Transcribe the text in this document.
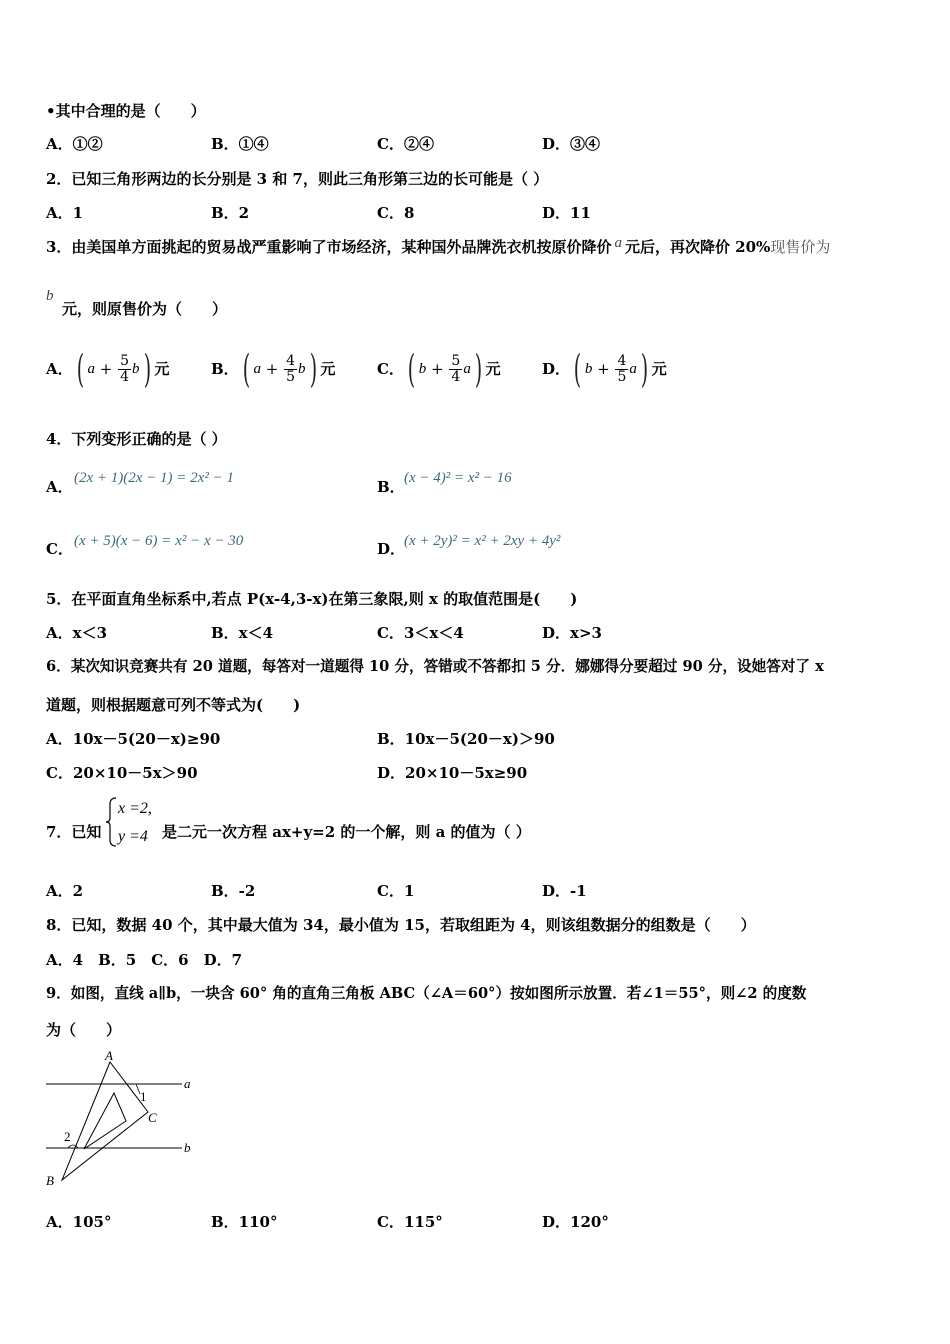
•其中合理的是（　　）
A．①②	B．①④	C．②④	D．③④
2．已知三角形两边的长分别是 3 和 7，则此三角形第三边的长可能是（ ）
A．1	B．2	C．8	D．11
3．由美国单方面挑起的贸易战严重影响了市场经济，某种国外品牌洗衣机按原价降价 a 元后，再次降价 20%现售价为
b
元，则原售价为（　　）
A．( $a + \frac{5}{4} b$) 元	B．( $a + \frac{4}{5} b$) 元	C．( $b + \frac{5}{4} a$) 元	D．( $b + \frac{4}{5} a$) 元
4．下列变形正确的是（ ）
A． (2x + 1)(2x − 1) = 2x² − 1	B． (x − 4)² = x² − 16
C． (x + 5)(x − 6) = x² − x − 30	D．
(x + 2y)² = x² + 2xy + 4y²
5．在平面直角坐标系中,若点 P(x-4,3-x)在第三象限,则 x 的取值范围是(　　)
A．x＜3	B．x＜4	C．3＜x＜4	D．x>3
6．某次知识竞赛共有 20 道题，每答对一道题得 10 分，答错或不答都扣 5 分．娜娜得分要超过 90 分，设她答对了 x
道题，则根据题意可列不等式为(　　)
A．10x－5(20－x)≥90	B．10x－5(20－x)＞90
C．20×10－5x＞90	D．20×10－5x≥90
7．已知
x =2,
y =4 是二元一次方程 ax+y=2 的一个解，则 a 的值为（ ）
A．2	B．-2	C．1	D．-1
8．已知，数据 40 个，其中最大值为 34，最小值为 15，若取组距为 4，则该组数据分的组数是（　　）
A．4　B．5　C．6　D．7
9．如图，直线 a∥b，一块含 60° 角的直角三角板 ABC（∠A＝60°）按如图所示放置．若∠1＝55°，则∠2 的度数
为（　　）
A
B
C
1
2
a
b
A．105°	B．110°	C．115°	D．120°
